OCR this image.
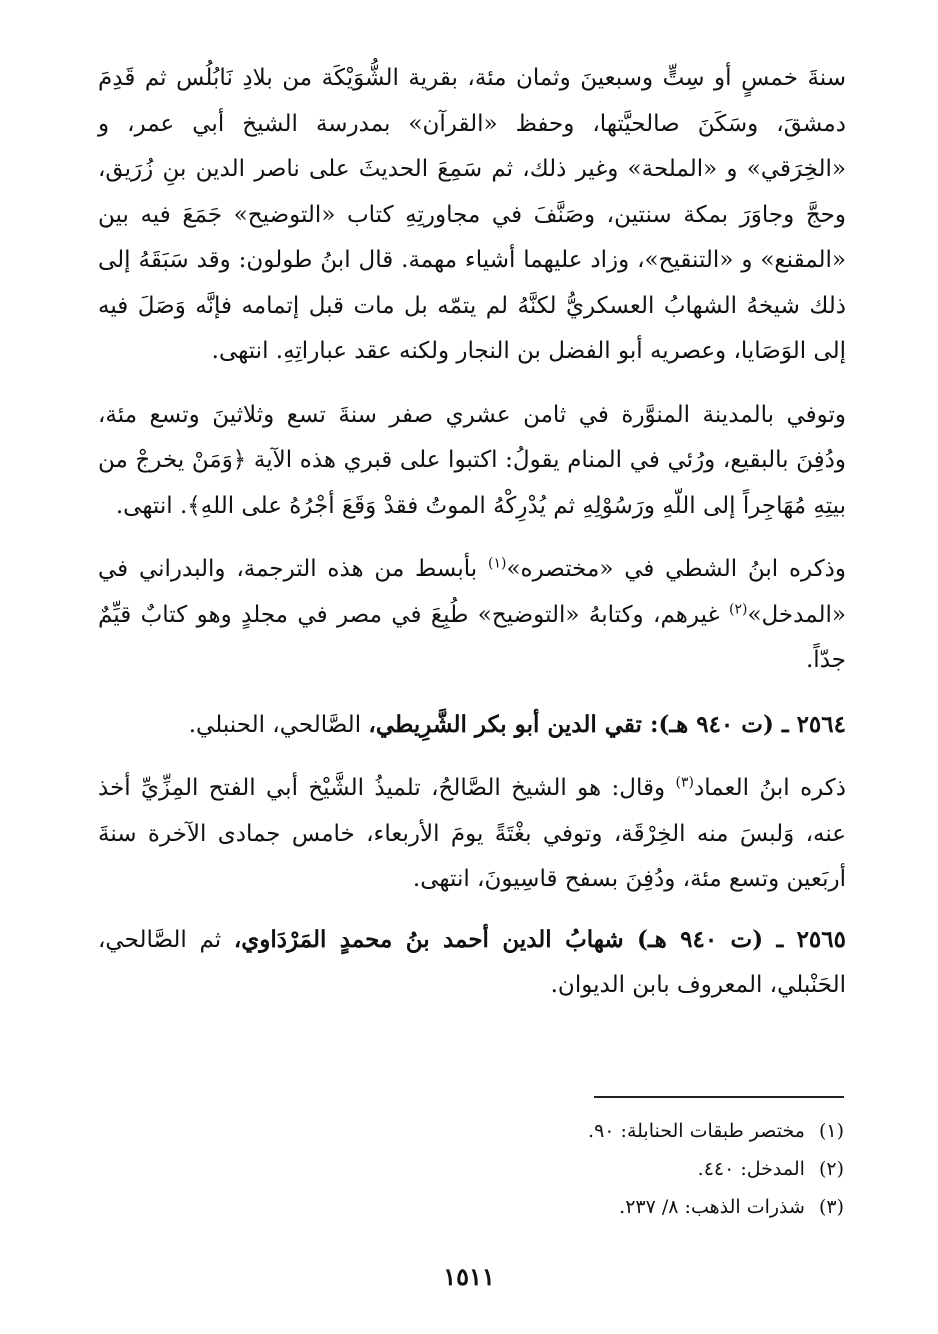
سنةَ خمسٍ أو سِتٍّ وسبعينَ وثمان مئة، بقرية الشُّوَيْكَة من بلادِ نَابُلُس ثم قَدِمَ دمشقَ، وسَكَنَ صالحيَّتها، وحفظ «القرآن» بمدرسة الشيخ أبي عمر، و «الخِرَقي» و «الملحة» وغير ذلك، ثم سَمِعَ الحديثَ على ناصر الدين بنِ زُرَيق، وحجَّ وجاوَرَ بمكة سنتين، وصَنَّفَ في مجاورتِهِ كتاب «التوضيح» جَمَعَ فيه بين «المقنع» و «التنقيح»، وزاد عليهما أشياء مهمة. قال ابنُ طولون: وقد سَبَقَهُ إلى ذلك شيخهُ الشهابُ العسكريُّ لكنَّهُ لم يتمّه بل مات قبل إتمامه فإنَّه وَصَلَ فيه إلى الوَصَايا، وعصريه أبو الفضل بن النجار ولكنه عقد عباراتِهِ. انتهى.

وتوفي بالمدينة المنوَّرة في ثامن عشري صفر سنةَ تسع وثلاثينَ وتسع مئة، ودُفِنَ بالبقيع، ورُئي في المنام يقولُ: اكتبوا على قبري هذه الآية ﴿وَمَنْ يخرجْ من بيتِهِ مُهَاجِراً إلى اللّهِ ورَسُوْلِهِ ثم يُدْرِكْهُ الموتُ فقدْ وَقَعَ أجْرُهُ على اللهِ﴾. انتهى.

وذكره ابنُ الشطي في «مختصره»$^{(١)}$ بأبسط من هذه الترجمة، والبدراني في «المدخل»$^{(٢)}$ غيرهم، وكتابهُ «التوضيح» طُبِعَ في مصر في مجلدٍ وهو كتابٌ قيِّمٌ جدّاً.

٢٥٦٤ ـ (ت ٩٤٠ هـ): تقي الدين أبو بكر الشَّرِيطي، الصَّالحي، الحنبلي.

ذكره ابنُ العماد$^{(٣)}$ وقال: هو الشيخ الصَّالحُ، تلميذُ الشَّيْخ أبي الفتح المِزِّيِّ أخذ عنه، وَلبسَ منه الخِرْقَة، وتوفي بغْتَةً يومَ الأربعاء، خامس جمادى الآخرة سنةَ أربَعين وتسع مئة، ودُفِنَ بسفح قاسِيونَ، انتهى.

٢٥٦٥ ـ (ت ٩٤٠ هـ) شهابُ الدين أحمد بنُ محمدٍ المَرْدَاوي، ثم الصَّالحي، الحَنْبلي، المعروف بابن الديوان.

(١)مختصر طبقات الحنابلة: ٩٠.
(٢)المدخل: ٤٤٠.
(٣)شذرات الذهب: ٨/ ٢٣٧.
١٥١١
